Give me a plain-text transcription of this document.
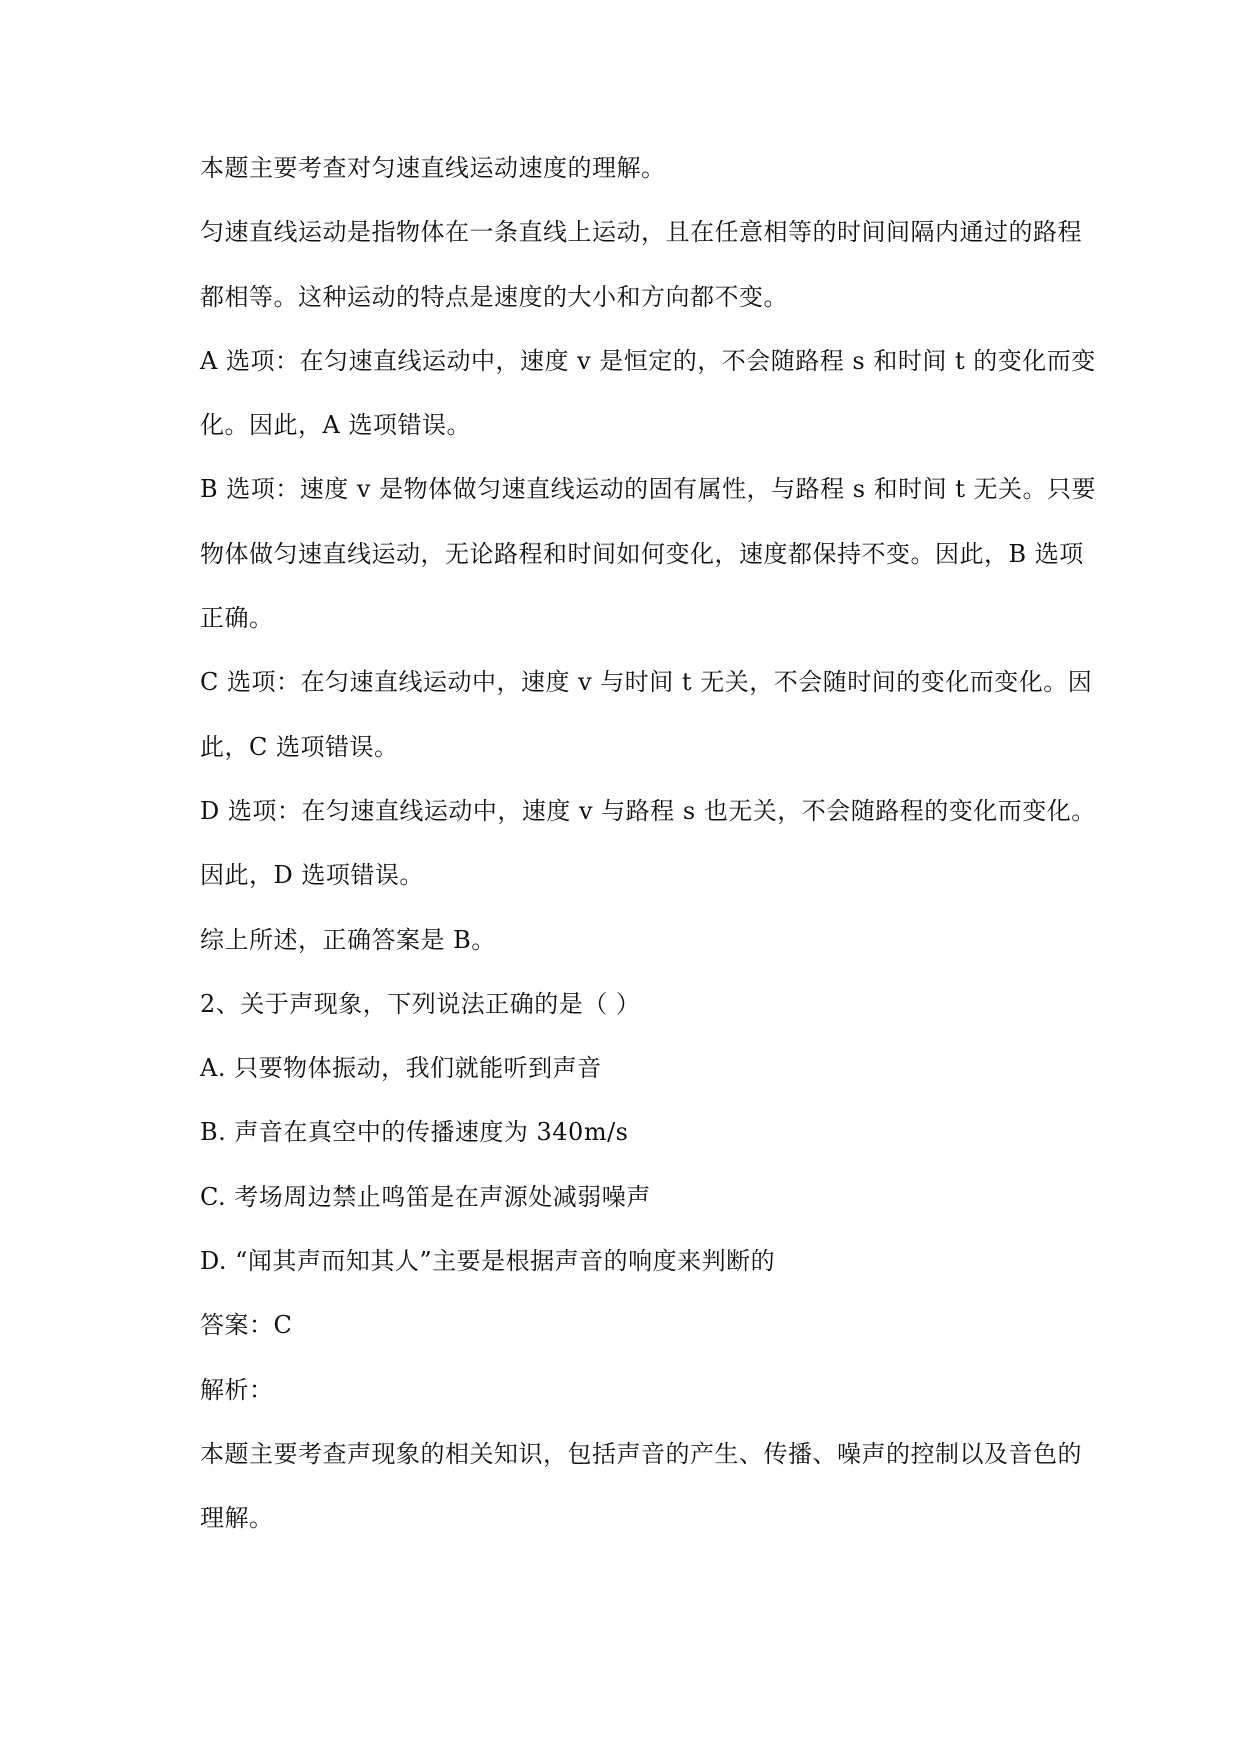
本题主要考查对匀速直线运动速度的理解。
匀速直线运动是指物体在一条直线上运动，且在任意相等的时间间隔内通过的路程
都相等。这种运动的特点是速度的大小和方向都不变。
A 选项：在匀速直线运动中，速度 v 是恒定的，不会随路程 s 和时间 t 的变化而变
化。因此，A 选项错误。
B 选项：速度 v 是物体做匀速直线运动的固有属性，与路程 s 和时间 t 无关。只要
物体做匀速直线运动，无论路程和时间如何变化，速度都保持不变。因此，B 选项
正确。
C 选项：在匀速直线运动中，速度 v 与时间 t 无关，不会随时间的变化而变化。因
此，C 选项错误。
D 选项：在匀速直线运动中，速度 v 与路程 s 也无关，不会随路程的变化而变化。
因此，D 选项错误。
综上所述，正确答案是 B。
2、关于声现象，下列说法正确的是（ ）
A. 只要物体振动，我们就能听到声音
B. 声音在真空中的传播速度为 340m/s
C. 考场周边禁止鸣笛是在声源处减弱噪声
D. “闻其声而知其人”主要是根据声音的响度来判断的
答案：C
解析：
本题主要考查声现象的相关知识，包括声音的产生、传播、噪声的控制以及音色的
理解。
